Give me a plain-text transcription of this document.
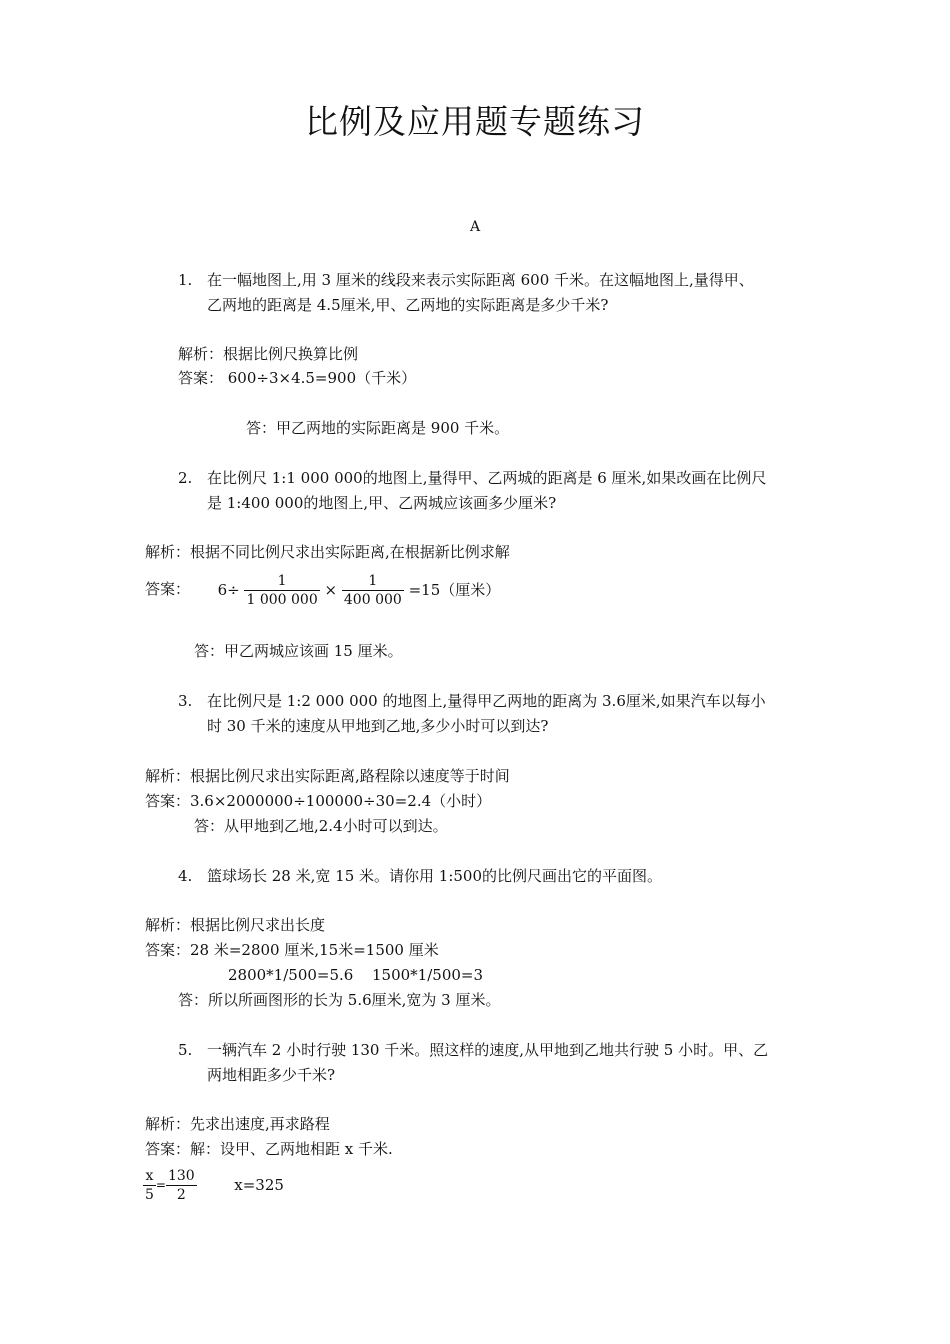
比例及应用题专题练习
A
1. 在一幅地图上,用 3 厘米的线段来表示实际距离 600 千米。在这幅地图上,量得甲、
乙两地的距离是 4.5厘米,甲、乙两地的实际距离是多少千米?
解析：根据比例尺换算比例
答案： 600÷3×4.5=900（千米）
答：甲乙两地的实际距离是 900 千米。
2. 在比例尺 1:1 000 000的地图上,量得甲、乙两城的距离是 6 厘米,如果改画在比例尺
是 1:400 000的地图上,甲、乙两城应该画多少厘米?
解析：根据不同比例尺求出实际距离,在根据新比例求解
答案： $6\div \frac{1}{1 000 000} \times \frac{1}{400 000} =15$（厘米）
答：甲乙两城应该画 15 厘米。
3. 在比例尺是 1:2 000 000 的地图上,量得甲乙两地的距离为 3.6厘米,如果汽车以每小
时 30 千米的速度从甲地到乙地,多少小时可以到达?
解析：根据比例尺求出实际距离,路程除以速度等于时间
答案：3.6×2000000÷100000÷30=2.4（小时）
答：从甲地到乙地,2.4小时可以到达。
4. 篮球场长 28 米,宽 15 米。请你用 1:500的比例尺画出它的平面图。
解析：根据比例尺求出长度
答案：28 米=2800 厘米,15米=1500 厘米
2800*1/500=5.6 1500*1/500=3
答：所以所画图形的长为 5.6厘米,宽为 3 厘米。
5. 一辆汽车 2 小时行驶 130 千米。照这样的速度,从甲地到乙地共行驶 5 小时。甲、乙
两地相距多少千米?
解析：先求出速度,再求路程
答案：解：设甲、乙两地相距 x 千米.
$\frac{x}{5} = \frac{130}{2}$	x=325
